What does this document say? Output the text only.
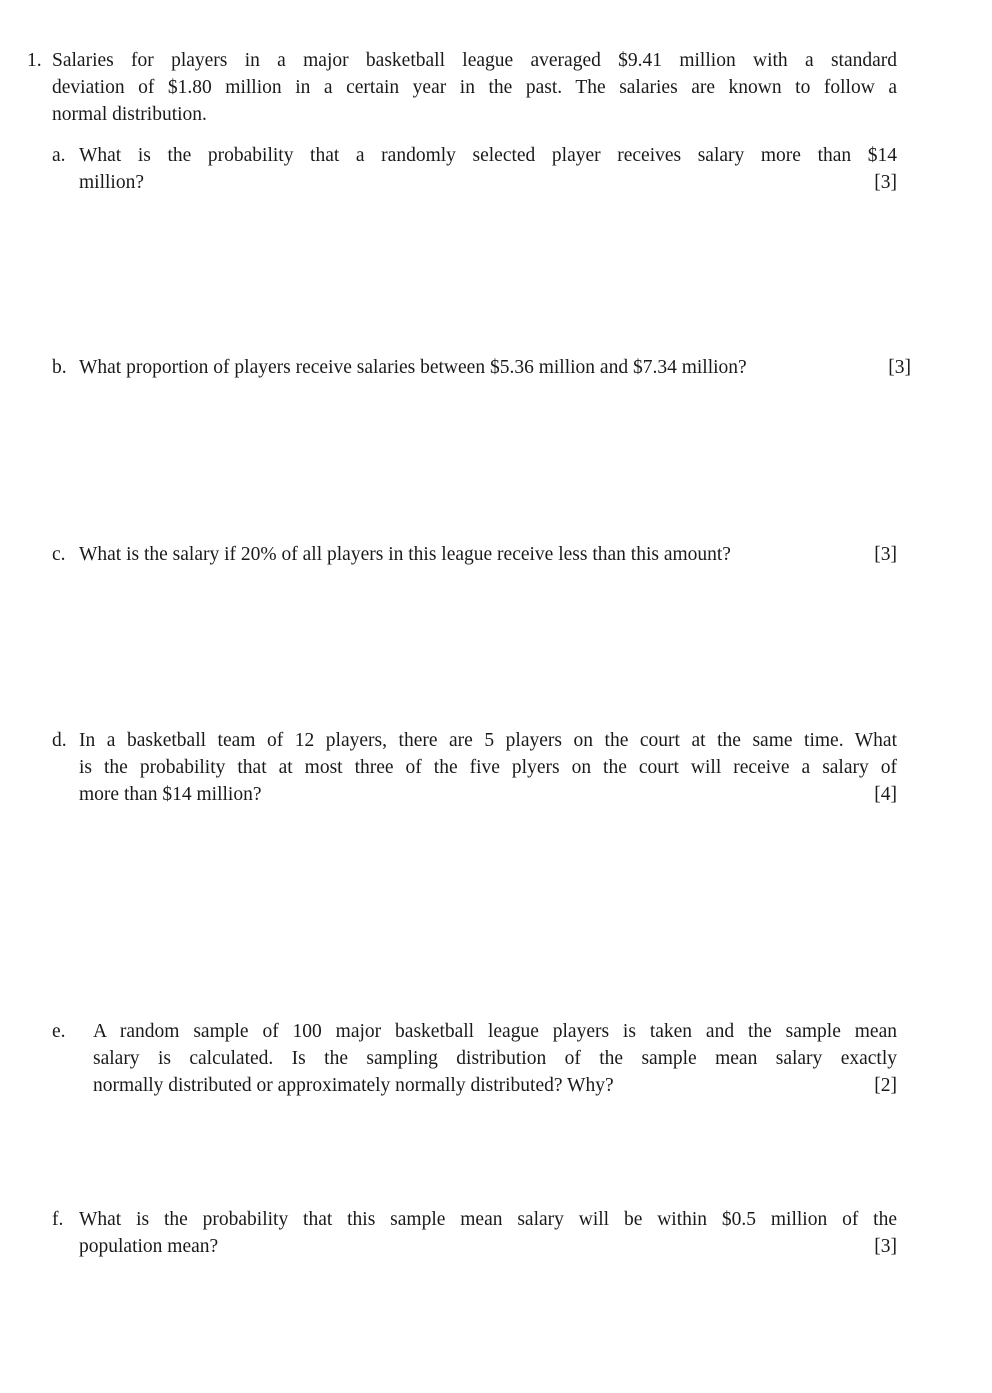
1. Salaries for players in a major basketball league averaged $9.41 million with a standard
deviation of $1.80 million in a certain year in the past. The salaries are known to follow a
normal distribution.
a. What is the probability that a randomly selected player receives salary more than $14
million?	[3]
b. What proportion of players receive salaries between $5.36 million and $7.34 million?	[3]
c. What is the salary if 20% of all players in this league receive less than this amount?	[3]
d. In a basketball team of 12 players, there are 5 players on the court at the same time. What
is the probability that at most three of the five plyers on the court will receive a salary of
more than $14 million?	[4]
e. A random sample of 100 major basketball league players is taken and the sample mean
salary is calculated. Is the sampling distribution of the sample mean salary exactly
normally distributed or approximately normally distributed? Why?	[2]
f. What is the probability that this sample mean salary will be within $0.5 million of the
population mean?	[3]
